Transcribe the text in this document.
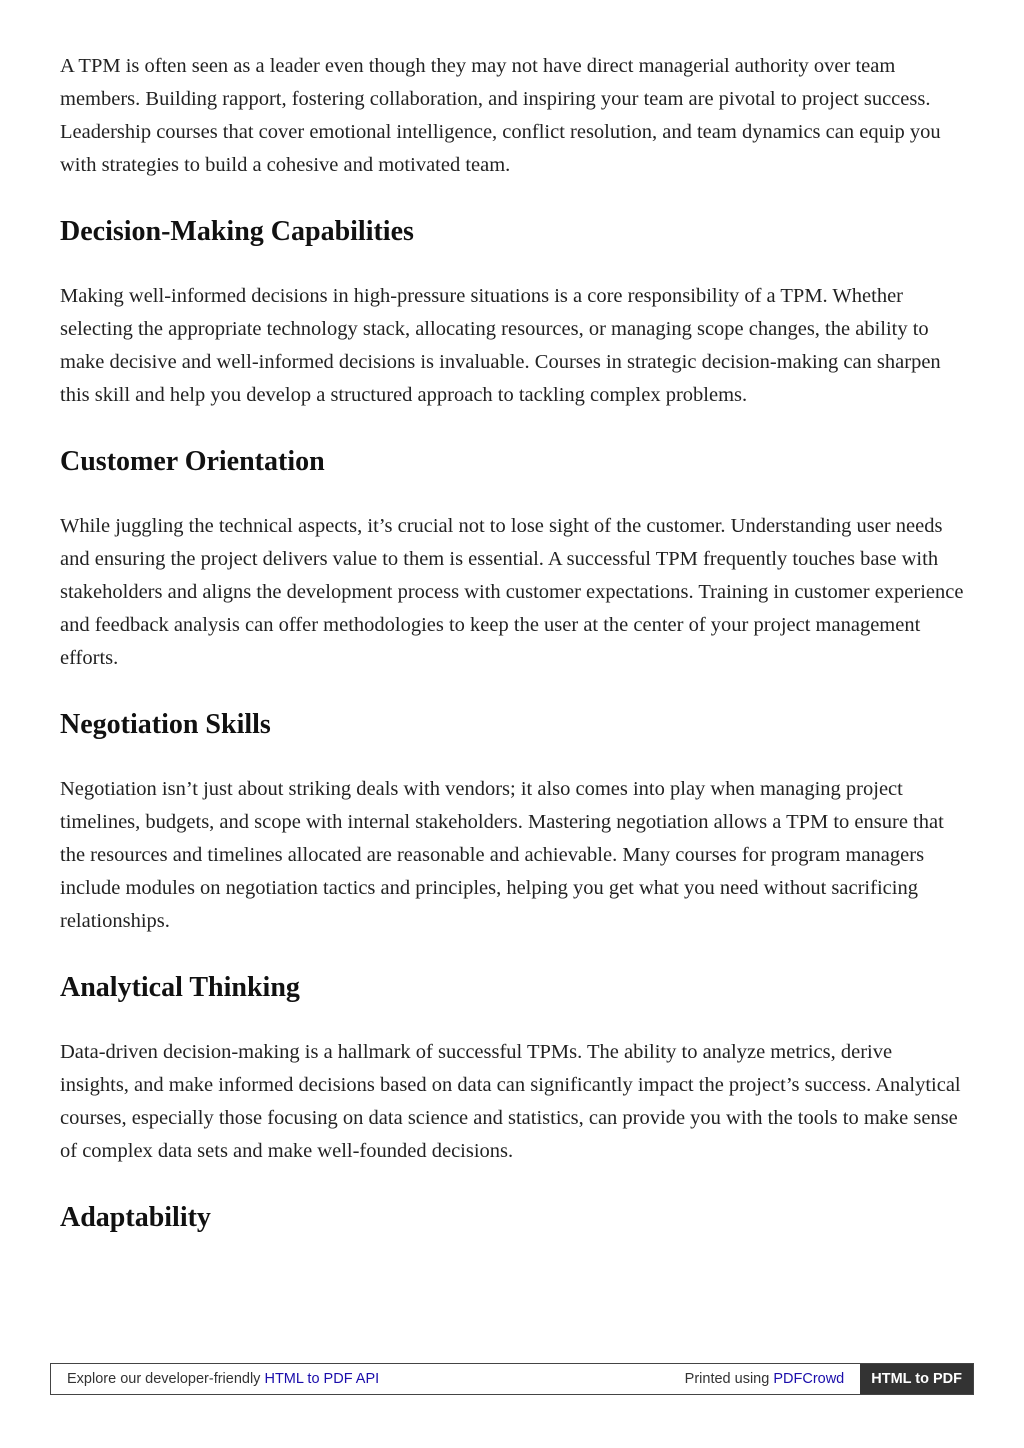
A TPM is often seen as a leader even though they may not have direct managerial authority over team members. Building rapport, fostering collaboration, and inspiring your team are pivotal to project success. Leadership courses that cover emotional intelligence, conflict resolution, and team dynamics can equip you with strategies to build a cohesive and motivated team.

Decision-Making Capabilities

Making well-informed decisions in high-pressure situations is a core responsibility of a TPM. Whether selecting the appropriate technology stack, allocating resources, or managing scope changes, the ability to make decisive and well-informed decisions is invaluable. Courses in strategic decision-making can sharpen this skill and help you develop a structured approach to tackling complex problems.

Customer Orientation

While juggling the technical aspects, it’s crucial not to lose sight of the customer. Understanding user needs and ensuring the project delivers value to them is essential. A successful TPM frequently touches base with stakeholders and aligns the development process with customer expectations. Training in customer experience and feedback analysis can offer methodologies to keep the user at the center of your project management efforts.

Negotiation Skills

Negotiation isn’t just about striking deals with vendors; it also comes into play when managing project timelines, budgets, and scope with internal stakeholders. Mastering negotiation allows a TPM to ensure that the resources and timelines allocated are reasonable and achievable. Many courses for program managers include modules on negotiation tactics and principles, helping you get what you need without sacrificing relationships.

Analytical Thinking

Data-driven decision-making is a hallmark of successful TPMs. The ability to analyze metrics, derive insights, and make informed decisions based on data can significantly impact the project’s success. Analytical courses, especially those focusing on data science and statistics, can provide you with the tools to make sense of complex data sets and make well-founded decisions.

Adaptability
Explore our developer-friendly HTML to PDF API	Printed using PDFCrowd	HTML to PDF
